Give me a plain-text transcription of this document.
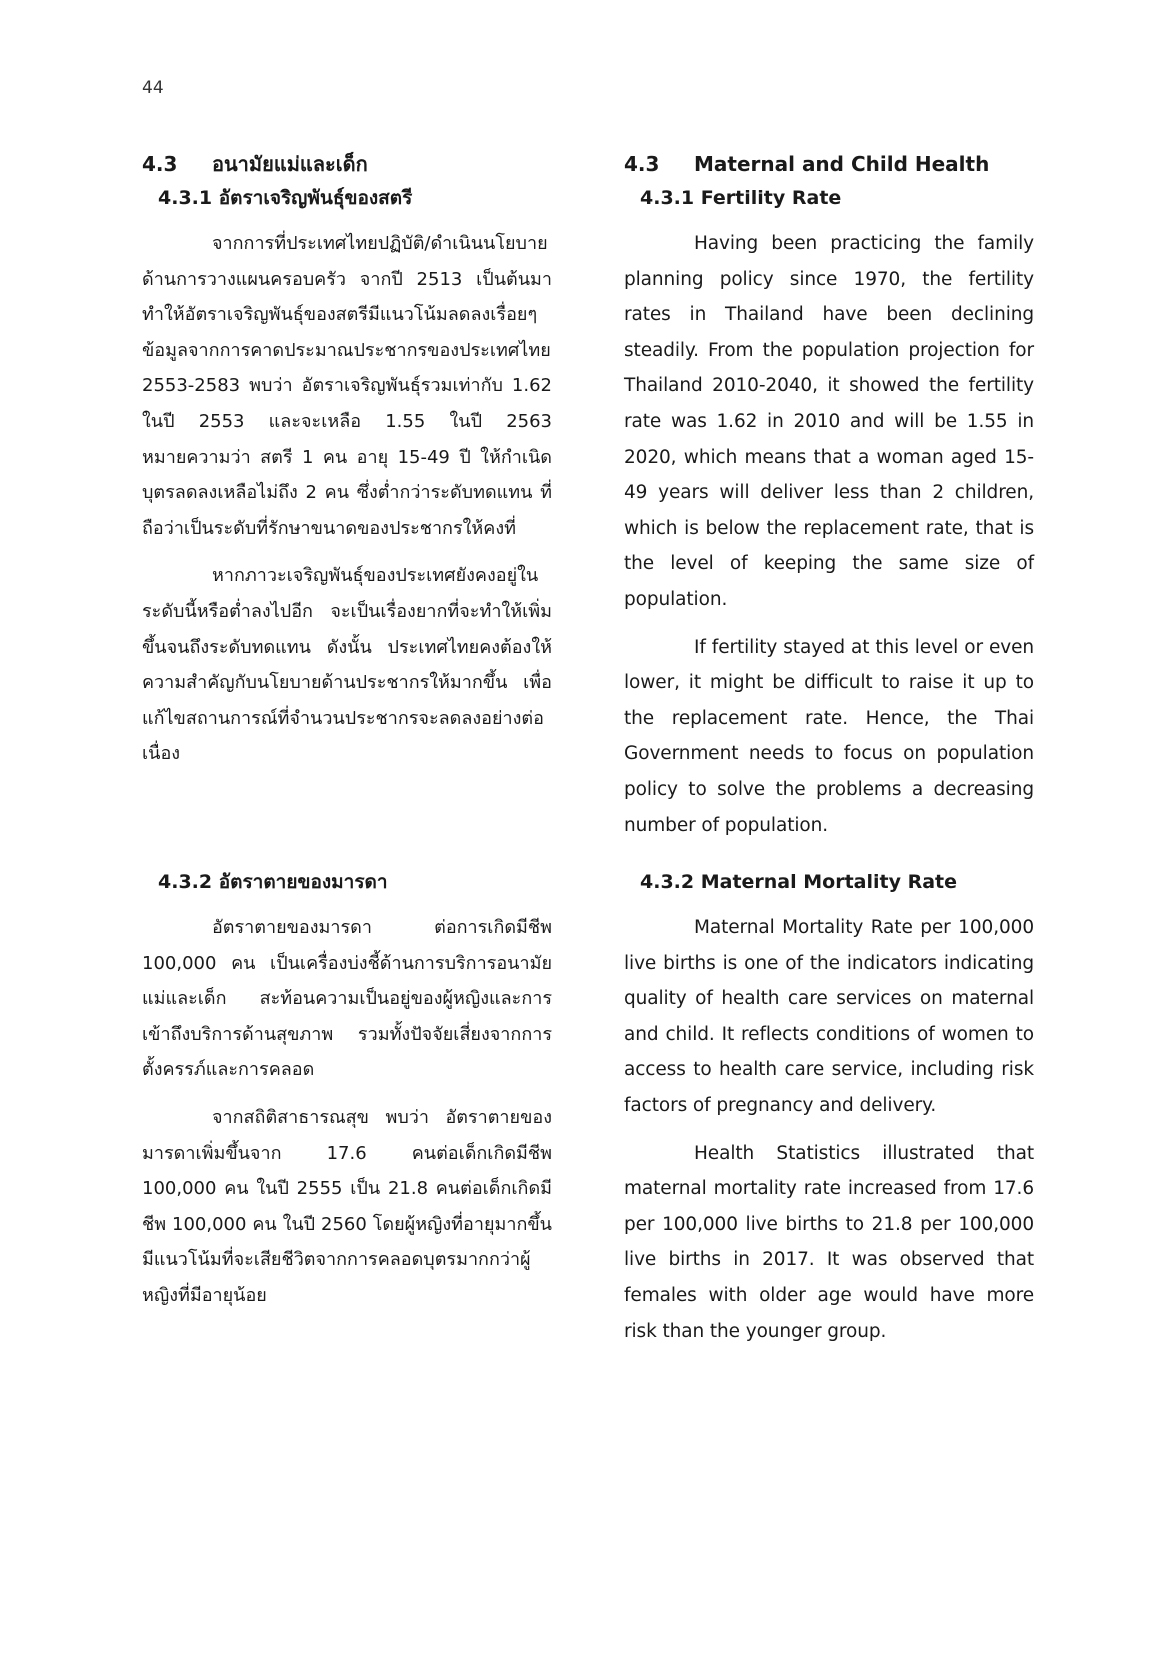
44
4.3	อนามัยแม่และเด็ก
4.3.1 อัตราเจริญพันธุ์ของสตรี

จากการที่ประเทศไทยปฏิบัติ/ดำเนินนโยบายด้านการวางแผนครอบครัว จากปี 2513 เป็นต้นมา ทำให้อัตราเจริญพันธุ์ของสตรีมีแนวโน้มลดลงเรื่อยๆ ข้อมูลจากการคาดประมาณประชากรของประเทศไทย 2553-2583 พบว่า อัตราเจริญพันธุ์รวมเท่ากับ 1.62 ในปี 2553 และจะเหลือ 1.55 ในปี 2563 หมายความว่า สตรี 1 คน อายุ 15-49 ปี ให้กำเนิดบุตรลดลงเหลือไม่ถึง 2 คน ซึ่งต่ำกว่าระดับทดแทน ที่ถือว่าเป็นระดับที่รักษาขนาดของประชากรให้คงที่

หากภาวะเจริญพันธุ์ของประเทศยังคงอยู่ในระดับนี้หรือต่ำลงไปอีก จะเป็นเรื่องยากที่จะทำให้เพิ่มขึ้นจนถึงระดับทดแทน ดังนั้น ประเทศไทยคงต้องให้ความสำคัญกับนโยบายด้านประชากรให้มากขึ้น เพื่อแก้ไขสถานการณ์ที่จำนวนประชากรจะลดลงอย่างต่อเนื่อง

4.3	Maternal and Child Health
4.3.1 Fertility Rate

Having been practicing the family planning policy since 1970, the fertility rates in Thailand have been declining steadily. From the population projection for Thailand 2010-2040, it showed the fertility rate was 1.62 in 2010 and will be 1.55 in 2020, which means that a woman aged 15-49 years will deliver less than 2 children, which is below the replacement rate, that is the level of keeping the same size of population.

If fertility stayed at this level or even lower, it might be difficult to raise it up to the replacement rate. Hence, the Thai Government needs to focus on population policy to solve the problems a decreasing number of population.

4.3.2 อัตราตายของมารดา

อัตราตายของมารดา ต่อการเกิดมีชีพ 100,000 คน เป็นเครื่องบ่งชี้ด้านการบริการอนามัยแม่และเด็ก สะท้อนความเป็นอยู่ของผู้หญิงและการเข้าถึงบริการด้านสุขภาพ รวมทั้งปัจจัยเสี่ยงจากการตั้งครรภ์และการคลอด

จากสถิติสาธารณสุข พบว่า อัตราตายของมารดาเพิ่มขึ้นจาก 17.6 คนต่อเด็กเกิดมีชีพ 100,000 คน ในปี 2555 เป็น 21.8 คนต่อเด็กเกิดมีชีพ 100,000 คน ในปี 2560 โดยผู้หญิงที่อายุมากขึ้นมีแนวโน้มที่จะเสียชีวิตจากการคลอดบุตรมากกว่าผู้หญิงที่มีอายุน้อย

4.3.2 Maternal Mortality Rate

Maternal Mortality Rate per 100,000 live births is one of the indicators indicating quality of health care services on maternal and child. It reflects conditions of women to access to health care service, including risk factors of pregnancy and delivery.

Health Statistics illustrated that maternal mortality rate increased from 17.6 per 100,000 live births to 21.8 per 100,000 live births in 2017. It was observed that females with older age would have more risk than the younger group.
